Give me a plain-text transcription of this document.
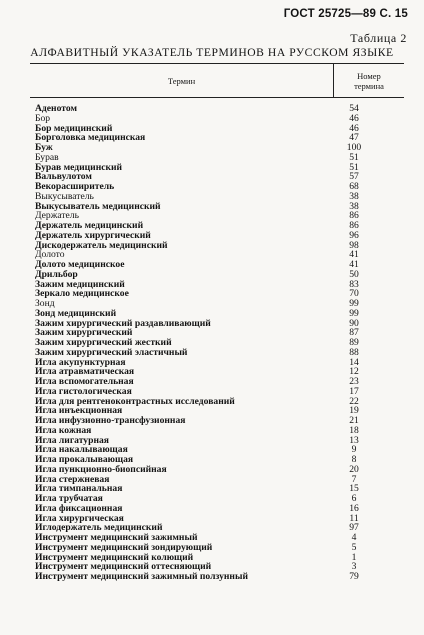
ГОСТ 25725—89 С. 15
Таблица 2
АЛФАВИТНЫЙ УКАЗАТЕЛЬ ТЕРМИНОВ НА РУССКОМ ЯЗЫКЕ
Термин	Номер
термина
Аденотом	54
Бор	46
Бор медицинский	46
Борголовка медицинская	47
Буж	100
Бурав	51
Бурав медицинский	51
Вальвулотом	57
Векорасширитель	68
Выкусыватель	38
Выкусыватель медицинский	38
Держатель	86
Держатель медицинский	86
Держатель хирургический	96
Дискодержатель медицинский	98
Долото	41
Долото медицинское	41
Дрильбор	50
Зажим медицинский	83
Зеркало медицинское	70
Зонд	99
Зонд медицинский	99
Зажим хирургический раздавливающий	90
Зажим хирургический	87
Зажим хирургический жесткий	89
Зажим хирургический эластичный	88
Игла акупунктурная	14
Игла атравматическая	12
Игла вспомогательная	23
Игла гистологическая	17
Игла для рентгеноконтрастных исследований	22
Игла инъекционная	19
Игла инфузионно-трансфузионная	21
Игла кожная	18
Игла лигатурная	13
Игла накалывающая	9
Игла прокалывающая	8
Игла пункционно-биопсийная	20
Игла стержневая	7
Игла тимпанальная	15
Игла трубчатая	6
Игла фиксационная	16
Игла хирургическая	11
Иглодержатель медицинский	97
Инструмент медицинский зажимный	4
Инструмент медицинский зондирующий	5
Инструмент медицинский колющий	1
Инструмент медицинский оттесняющий	3
Инструмент медицинский зажимный ползунный	79
